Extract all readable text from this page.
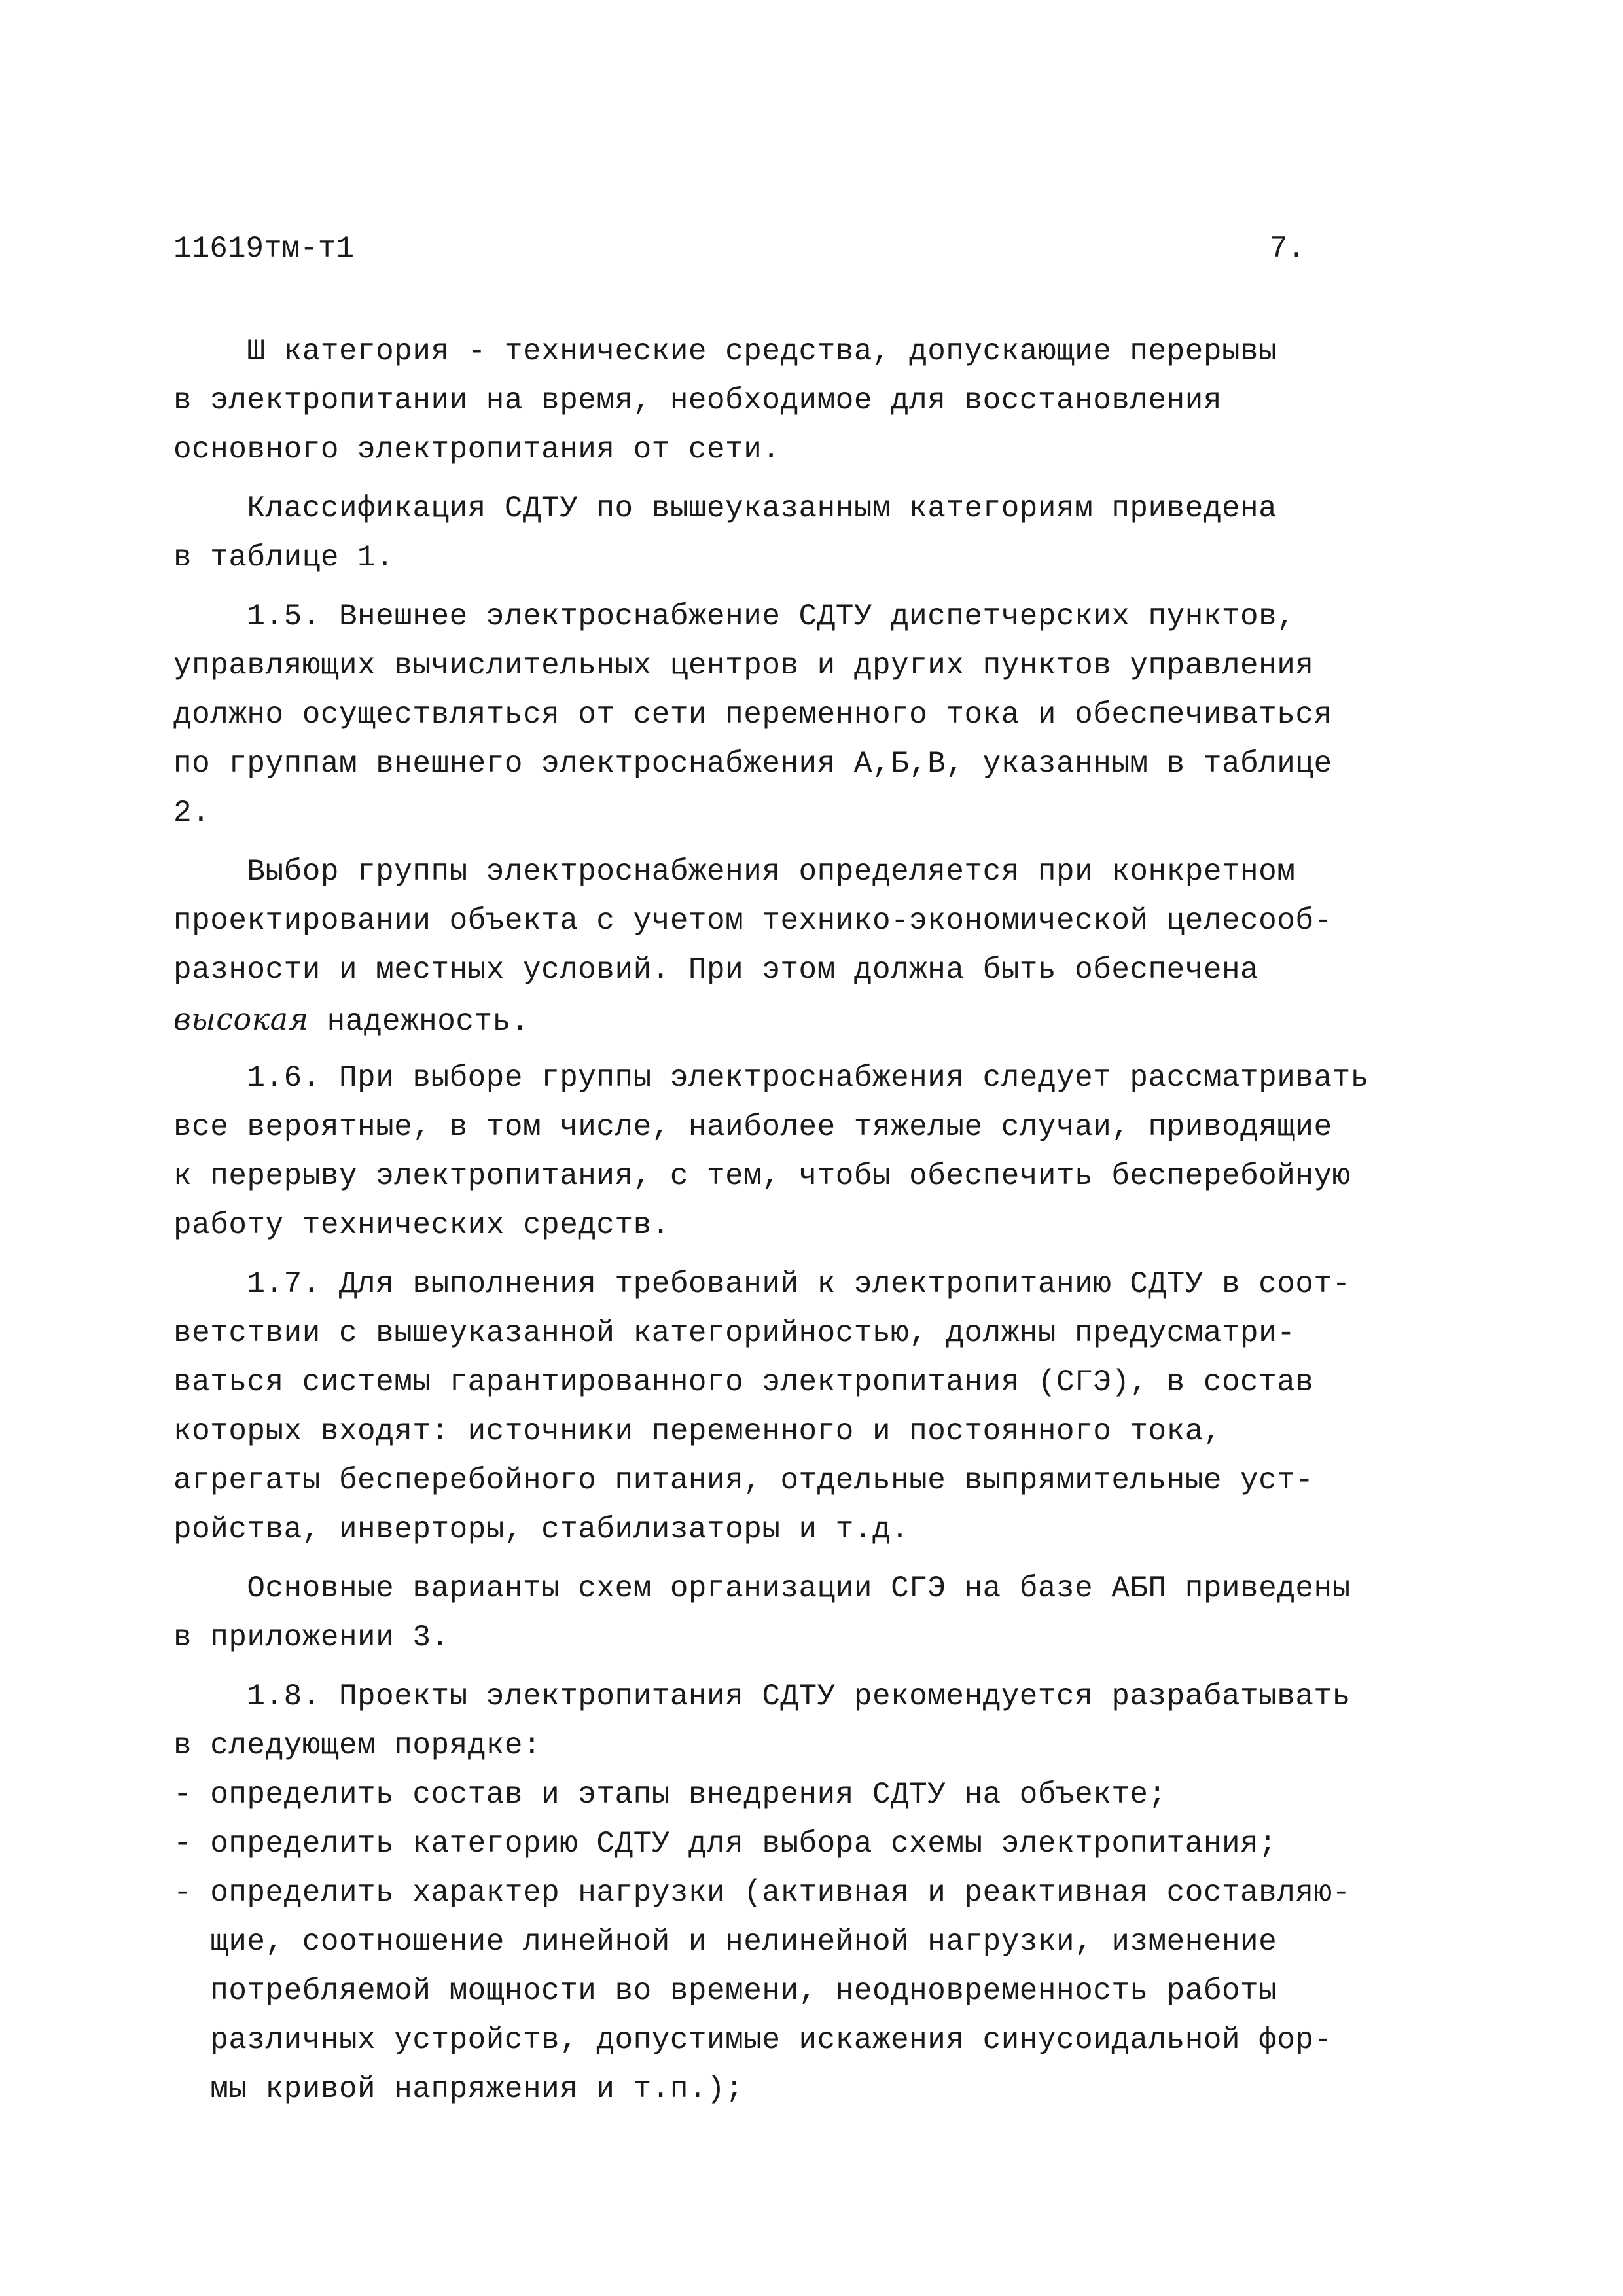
11619тм-т1	7.
Ш категория - технические средства, допускающие перерывы
в электропитании на время, необходимое для восстановления
основного электропитания от сети.
Классификация СДТУ по вышеуказанным категориям приведена
в таблице 1.
1.5. Внешнее электроснабжение СДТУ диспетчерских пунктов,
управляющих вычислительных центров и других пунктов управления
должно осуществляться от сети переменного тока и обеспечиваться
по группам внешнего электроснабжения А,Б,В, указанным в таблице
2.
Выбор группы электроснабжения определяется при конкретном
проектировании объекта с учетом технико-экономической целесооб-
разности и местных условий. При этом должна быть обеспечена
высокая надежность.
1.6. При выборе группы электроснабжения следует рассматривать
все вероятные, в том числе, наиболее тяжелые случаи, приводящие
к перерыву электропитания, с тем, чтобы обеспечить бесперебойную
работу технических средств.
1.7. Для выполнения требований к электропитанию СДТУ в соот-
ветствии с вышеуказанной категорийностью, должны предусматри-
ваться системы гарантированного электропитания (СГЭ), в состав
которых входят: источники переменного и постоянного тока,
агрегаты бесперебойного питания, отдельные выпрямительные уст-
ройства, инверторы, стабилизаторы и т.д.
Основные варианты схем организации СГЭ на базе АБП приведены
в приложении 3.
1.8. Проекты электропитания СДТУ рекомендуется разрабатывать
в следующем порядке:
- определить состав и этапы внедрения СДТУ на объекте;
- определить категорию СДТУ для выбора схемы электропитания;
- определить характер нагрузки (активная и реактивная составляю-
щие, соотношение линейной и нелинейной нагрузки, изменение
потребляемой мощности во времени, неодновременность работы
различных устройств, допустимые искажения синусоидальной фор-
мы кривой напряжения и т.п.);
